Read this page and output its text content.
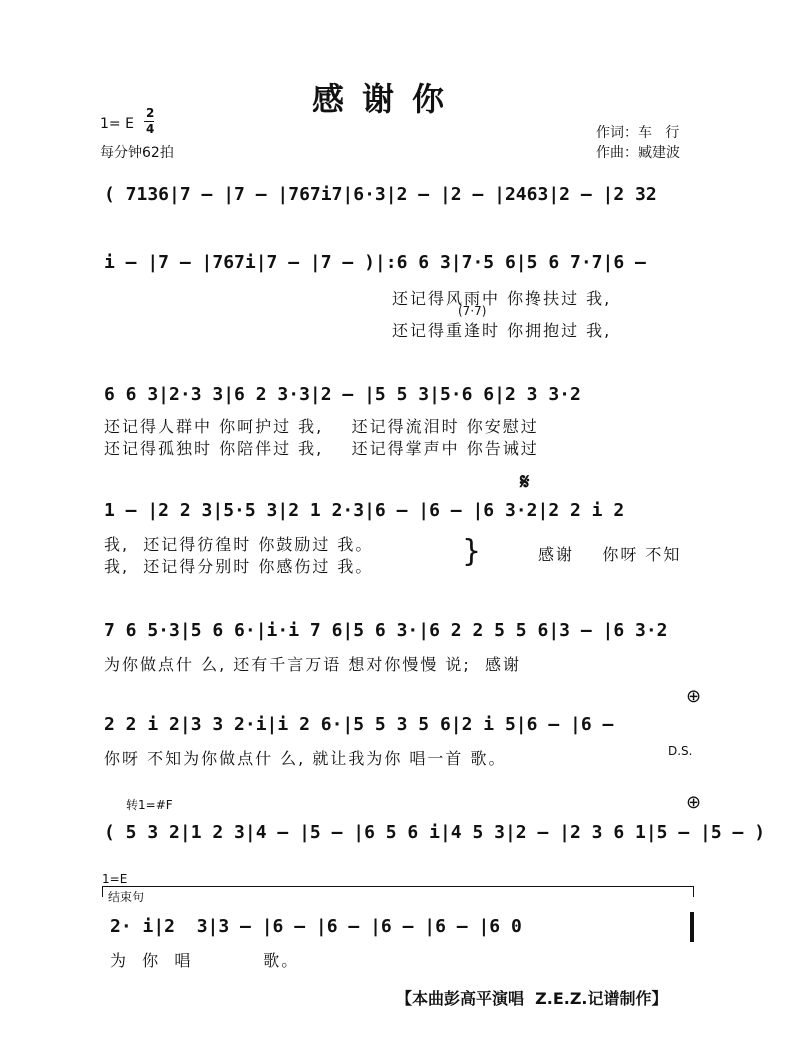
感谢你
1= E
2
4
每分钟62拍
作词：车   行
作曲：臧建波
( 7136|7 — |7 — |767i7|6·3|2 — |2 — |2463|2 — |2 32
i — |7 — |767i|7 — |7 — )|:6 6 3|7·5 6|5 6 7·7|6 —
还记得风雨中 你搀扶过 我,
(7·7)
还记得重逢时 你拥抱过 我,
6 6 3|2·3 3|6 2 3·3|2 — |5 5 3|5·6 6|2 3 3·2
还记得人群中 你呵护过 我,    还记得流泪时 你安慰过
还记得孤独时 你陪伴过 我,    还记得掌声中 你告诫过
𝄋
1 — |2 2 3|5·5 3|2 1 2·3|6 — |6 — |6 3·2|2 2 i 2
我,  还记得彷徨时 你鼓励过 我。
我,  还记得分别时 你感伤过 我。	}	感谢    你呀 不知
7 6 5·3|5 6 6·|i·i 7 6|5 6 3·|6 2 2 5 5 6|3 — |6 3·2
为你做点什 么, 还有千言万语 想对你慢慢 说;  感谢
⊕
2 2 i 2|3 3 2·i|i 2 6·|5 5 3 5 6|2 i 5|6 — |6 —
你呀 不知为你做点什 么, 就让我为你 唱一首 歌。	D.S.
转1=#F	⊕
( 5 3 2|1 2 3|4 — |5 — |6 5 6 i|4 5 3|2 — |2 3 6 1|5 — |5 — )
1=E
结束句
2· i|2  3|3 — |6 — |6 — |6 — |6 — |6 0
为  你  唱          歌。
【本曲彭高平演唱  Z.E.Z.记谱制作】
